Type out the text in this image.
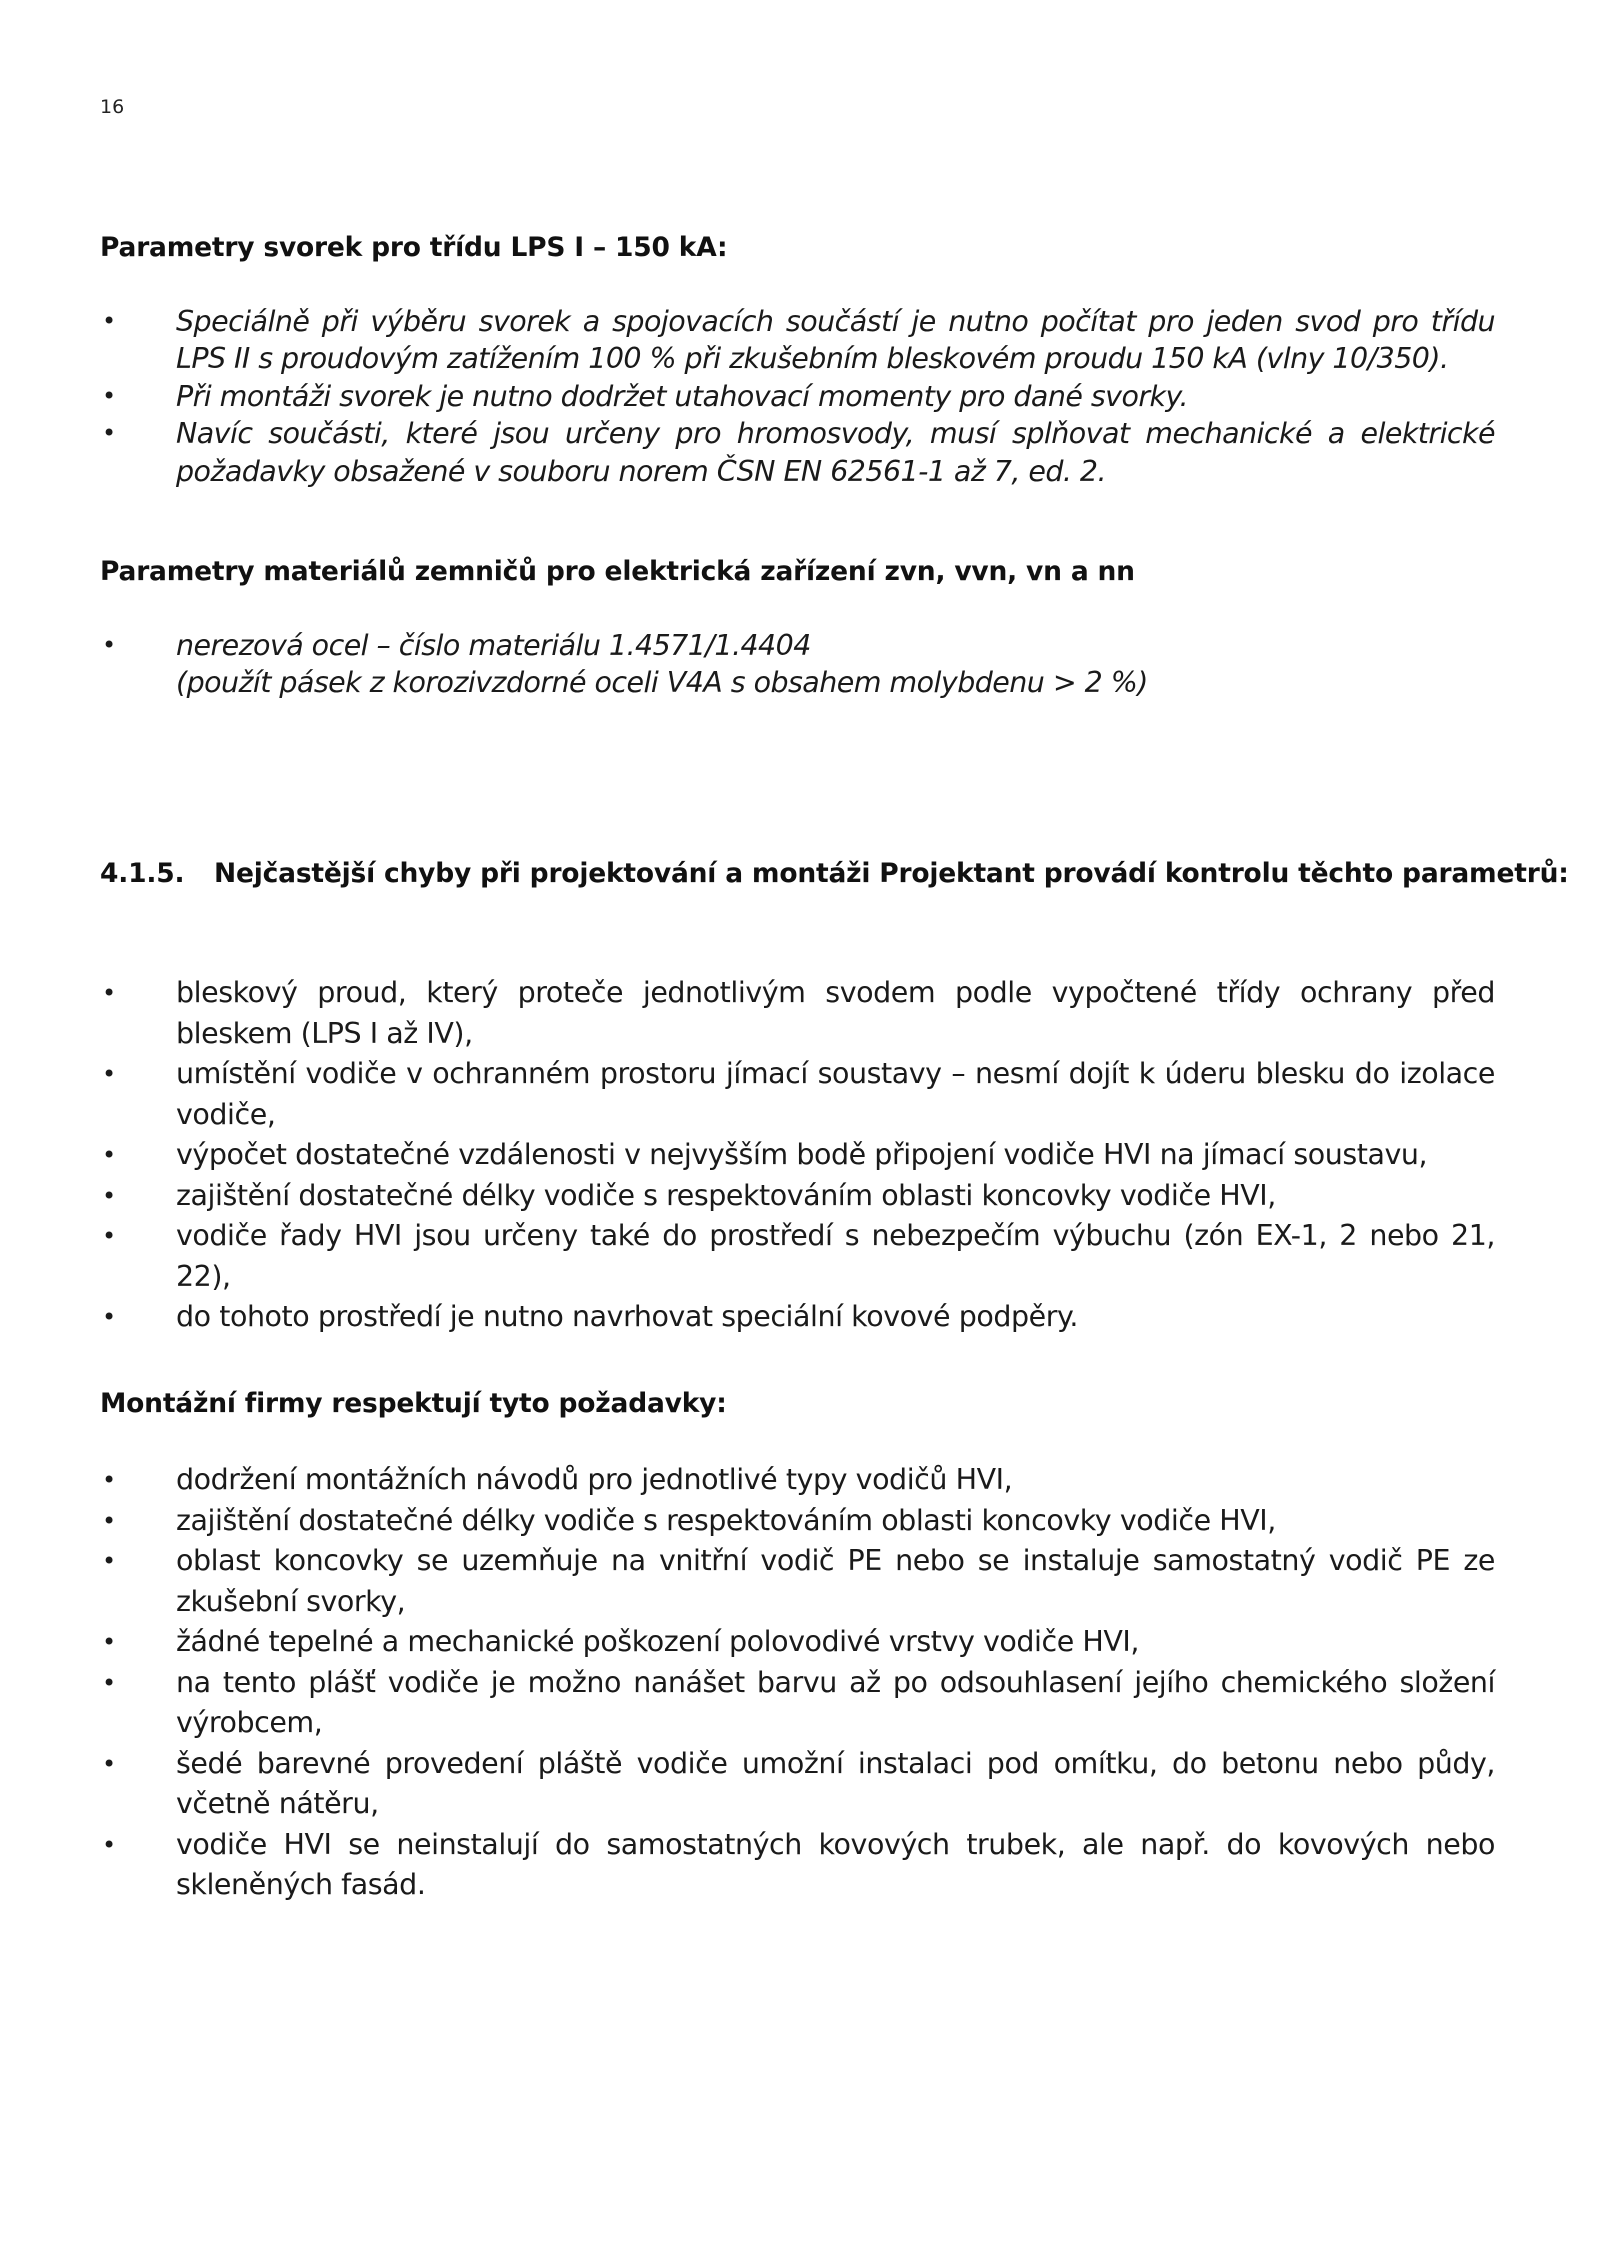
16
Parametry svorek pro třídu LPS I – 150 kA:
• Speciálně při výběru svorek a spojovacích součástí je nutno počítat pro jeden svod pro třídu LPS II s proudovým zatížením 100 % při zkušebním bleskovém proudu 150 kA (vlny 10/350).
• Při montáži svorek je nutno dodržet utahovací momenty pro dané svorky.
• Navíc součásti, které jsou určeny pro hromosvody, musí splňovat mechanické a elektrické požadavky obsažené v souboru norem ČSN EN 62561-1 až 7, ed. 2.
Parametry materiálů zemničů pro elektrická zařízení zvn, vvn, vn a nn
• nerezová ocel – číslo materiálu 1.4571/1.4404
(použít pásek z korozivzdorné oceli V4A s obsahem molybdenu > 2 %)
4.1.5. Nejčastější chyby při projektování a montáži Projektant provádí kontrolu těchto parametrů:
• bleskový proud, který proteče jednotlivým svodem podle vypočtené třídy ochrany před bleskem (LPS I až IV),
• umístění vodiče v ochranném prostoru jímací soustavy – nesmí dojít k úderu blesku do izolace vodiče,
• výpočet dostatečné vzdálenosti v nejvyšším bodě připojení vodiče HVI na jímací soustavu,
• zajištění dostatečné délky vodiče s respektováním oblasti koncovky vodiče HVI,
• vodiče řady HVI jsou určeny také do prostředí s nebezpečím výbuchu (zón EX-1, 2 nebo 21, 22),
• do tohoto prostředí je nutno navrhovat speciální kovové podpěry.
Montážní firmy respektují tyto požadavky:
• dodržení montážních návodů pro jednotlivé typy vodičů HVI,
• zajištění dostatečné délky vodiče s respektováním oblasti koncovky vodiče HVI,
• oblast koncovky se uzemňuje na vnitřní vodič PE nebo se instaluje samostatný vodič PE ze zkušební svorky,
• žádné tepelné a mechanické poškození polovodivé vrstvy vodiče HVI,
• na tento plášť vodiče je možno nanášet barvu až po odsouhlasení jejího chemického složení výrobcem,
• šedé barevné provedení pláště vodiče umožní instalaci pod omítku, do betonu nebo půdy, včetně nátěru,
• vodiče HVI se neinstalují do samostatných kovových trubek, ale např. do kovových nebo skleněných fasád.
